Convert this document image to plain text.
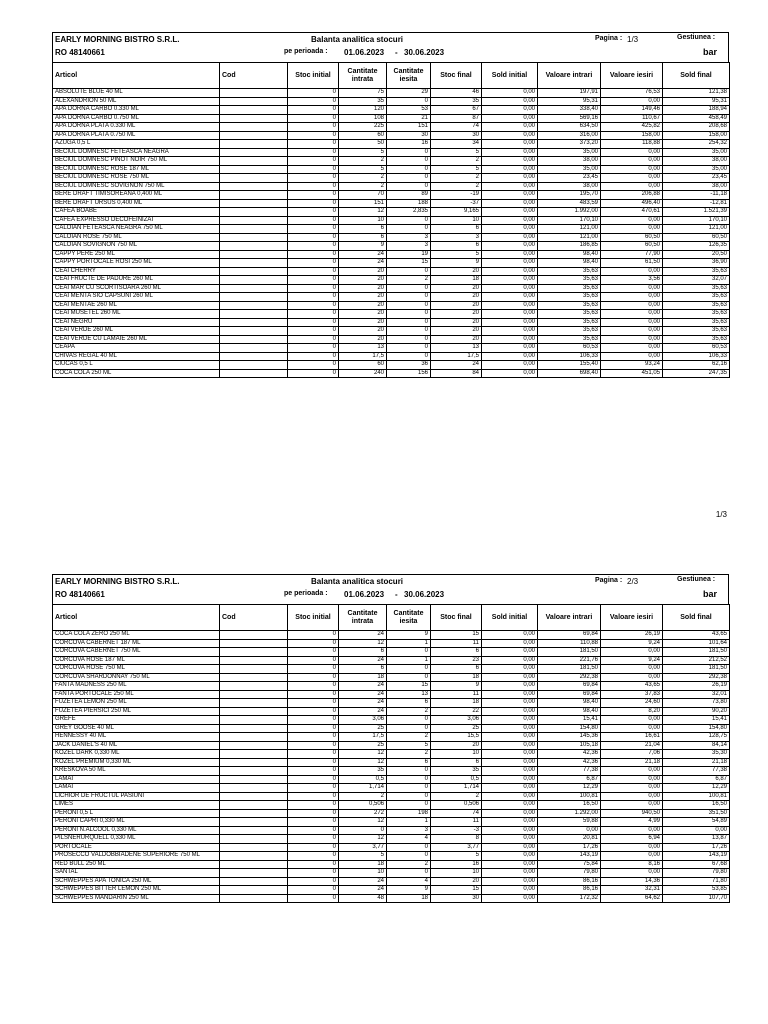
EARLY MORNING BISTRO S.R.L.
RO 48140661
Balanta analitica stocuri
pe perioada : 01.06.2023 - 30.06.2023
Pagina : 1/3	Gestiunea :
bar
Articol	Cod	Stoc initial	Cantitate intrata	Cantitate iesita	Stoc final	Sold initial	Valoare intrari	Valoare iesiri	Sold final
ABSOLUTE BLUE 40 ML		0	75	29	46	0,00	197,91	76,53	121,38
ALEXANDRION 50 ML		0	35	0	35	0,00	95,31	0,00	95,31
APA DORNA CARBO 0.330 ML		0	120	53	67	0,00	338,40	149,46	188,94
APA DORNA CARBO 0.750 ML		0	108	21	87	0,00	569,16	110,67	458,49
APA DORNA PLATA 0.330 ML		0	225	151	74	0,00	634,50	425,82	208,68
APA DORNA PLATA 0.750 ML		0	60	30	30	0,00	316,00	158,00	158,00
AZUGA 0,5 L		0	50	16	34	0,00	373,20	118,88	254,32
BECIUL DOMNESC FETEASCA NEAGRA		0	5	0	5	0,00	35,00	0,00	35,00
BECIUL DOMNESC PINOT NOIR 750 ML		0	2	0	2	0,00	38,00	0,00	38,00
BECIUL DOMNESC ROSE 187 ML		0	5	0	5	0,00	35,00	0,00	35,00
BECIUL DOMNESC ROSE 750 ML		0	2	0	2	0,00	23,45	0,00	23,45
BECIUL DOMNESC SOVIGNON 750 ML		0	2	0	2	0,00	38,00	0,00	38,00
BERE DRAFT TIMISOREANA 0,400 ML		0	70	89	-19	0,00	195,70	206,88	-11,18
BERE DRAFT URSUS 0,400 ML		0	151	188	-37	0,00	483,59	496,40	-12,81
CAFEA BOABE		0	12	2,835	9,165	0,00	1.992,00	470,61	1.521,39
CAFEA EXPRESSO DECOFEINIZAT		0	10	0	10	0,00	170,10	0,00	170,10
CALOIAN FETEASCA NEAGRA 750 ML		0	6	0	6	0,00	121,00	0,00	121,00
CALOIAN ROSE 750 ML		0	6	3	3	0,00	121,00	60,50	60,50
CALOIAN SOVIGNON 750 ML		0	9	3	6	0,00	186,85	60,50	126,35
CAPPY PERE 250 ML		0	24	19	5	0,00	98,40	77,90	20,50
CAPPY PORTOCALE ROSI 250 ML		0	24	15	9	0,00	98,40	61,50	36,90
CEAI CHERRY		0	20	0	20	0,00	35,63	0,00	35,63
CEAI FRUCTE DE PADURE 260 ML		0	20	2	18	0,00	35,63	3,56	32,07
CEAI MAR CU SCORTISOARA 260 ML		0	20	0	20	0,00	35,63	0,00	35,63
CEAI MENTA SIO CAPSUNI 260 ML		0	20	0	20	0,00	35,63	0,00	35,63
CEAI MENTAE 260 ML		0	20	0	20	0,00	35,63	0,00	35,63
CEAI MUSETEL 260 ML		0	20	0	20	0,00	35,63	0,00	35,63
CEAI NEGRU		0	20	0	20	0,00	35,63	0,00	35,63
CEAI VERDE 260 ML		0	20	0	20	0,00	35,63	0,00	35,63
CEAI VERDE CU LAMAIE 260 ML		0	20	0	20	0,00	35,63	0,00	35,63
CEAPA		0	13	0	13	0,00	60,53	0,00	60,53
CHIVAS REGAL 40 ML		0	17,5	0	17,5	0,00	106,33	0,00	106,33
CIUCAS 0,5 L		0	60	36	24	0,00	155,40	93,24	62,16
COCA COLA 250 ML		0	240	156	84	0,00	698,40	451,05	247,35
1/3
EARLY MORNING BISTRO S.R.L.
RO 48140661
Balanta analitica stocuri
pe perioada : 01.06.2023 - 30.06.2023
Pagina : 2/3	Gestiunea :
bar
Articol	Cod	Stoc initial	Cantitate intrata	Cantitate iesita	Stoc final	Sold initial	Valoare intrari	Valoare iesiri	Sold final
COCA COLA ZERO 250 ML		0	24	9	15	0,00	69,84	26,19	43,65
CORCOVA CABERNET 187 ML		0	12	1	11	0,00	110,88	9,24	101,64
CORCOVA CABERNET 750 ML		0	6	0	6	0,00	181,50	0,00	181,50
CORCOVA ROSE 187 ML		0	24	1	23	0,00	221,76	9,24	212,52
CORCOVA ROSE 750 ML		0	6	0	6	0,00	181,50	0,00	181,50
CORCOVA SHARDONNAY 750 ML		0	18	0	18	0,00	292,38	0,00	292,38
FANTA MADNESS 250 ML		0	24	15	9	0,00	69,84	43,65	26,19
FANTA PORTOCALE 250 ML		0	24	13	11	0,00	69,84	37,83	32,01
FUZETEA LEMON 250 ML		0	24	6	18	0,00	98,40	24,60	73,80
FUZETEA PIERSICI 250 ML		0	24	2	22	0,00	98,40	8,20	90,20
GREFE		0	3,06	0	3,06	0,00	15,41	0,00	15,41
GREY GOOSE 40 ML		0	25	0	25	0,00	154,80	0,00	154,80
HENNESSY 40 ML		0	17,5	2	15,5	0,00	145,36	16,61	128,75
JACK DANIEL'S 40 ML		0	25	5	20	0,00	105,18	21,04	84,14
KOZEL DARK 0,330 ML		0	12	2	10	0,00	42,36	7,06	35,30
KOZEL PREMIUM 0,330 ML		0	12	6	6	0,00	42,36	21,18	21,18
KRESKOVA 50 ML		0	35	0	35	0,00	77,38	0,00	77,38
LAMAI		0	0,5	0	0,5	0,00	6,87	0,00	6,87
LAMAI		0	1,714	0	1,714	0,00	12,29	0,00	12,29
LICHIOR DE FRUCTUL PASIUNI		0	2	0	2	0,00	100,81	0,00	100,81
LIMES		0	0,506	0	0,506	0,00	16,50	0,00	16,50
PERONI 0,5 L		0	272	198	74	0,00	1.292,00	940,50	351,50
PERONI CAPRI 0,330 ML		0	12	1	11	0,00	59,88	4,99	54,89
PERONI N.ALCOOL 0,330 ML		0	0	3	-3	0,00	0,00	0,00	0,00
PILSNERURQUELL 0,330 ML		0	12	4	8	0,00	20,81	6,94	13,87
PORTOCALE		0	3,77	0	3,77	0,00	17,26	0,00	17,26
PROSECCO VALDOBBIADENE SUPERIORE 750 ML		0	5	0	5	0,00	143,19	0,00	143,19
RED BULL 250 ML		0	18	2	16	0,00	75,84	8,16	67,68
SANTAL		0	10	0	10	0,00	79,80	0,00	79,80
SCHWEPPES APA TONICA 250 ML		0	24	4	20	0,00	86,16	14,36	71,80
SCHWEPPES BITTER LEMON 250 ML		0	24	9	15	0,00	86,16	32,31	53,85
SCHWEPPES MANDARIN 250 ML		0	48	18	30	0,00	172,32	64,62	107,70
